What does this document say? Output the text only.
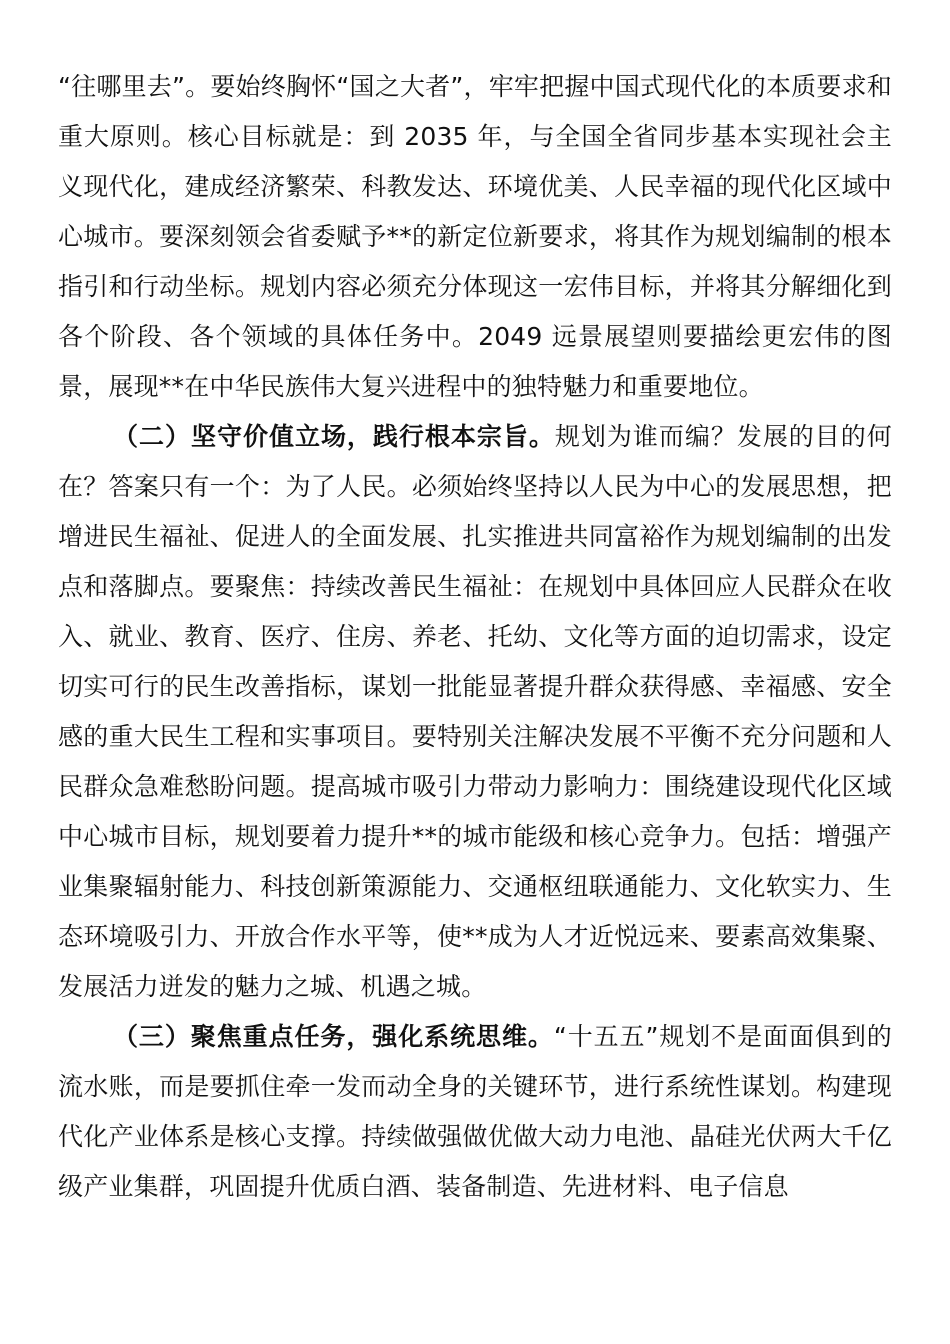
“往哪里去”。要始终胸怀“国之大者”，牢牢把握中国式现代化的本质要求和重大原则。核心目标就是：到 2035 年，与全国全省同步基本实现社会主义现代化，建成经济繁荣、科教发达、环境优美、人民幸福的现代化区域中心城市。要深刻领会省委赋予**的新定位新要求，将其作为规划编制的根本指引和行动坐标。规划内容必须充分体现这一宏伟目标，并将其分解细化到各个阶段、各个领域的具体任务中。2049 远景展望则要描绘更宏伟的图景，展现**在中华民族伟大复兴进程中的独特魅力和重要地位。

（二）坚守价值立场，践行根本宗旨。规划为谁而编？发展的目的何在？答案只有一个：为了人民。必须始终坚持以人民为中心的发展思想，把增进民生福祉、促进人的全面发展、扎实推进共同富裕作为规划编制的出发点和落脚点。要聚焦：持续改善民生福祉：在规划中具体回应人民群众在收入、就业、教育、医疗、住房、养老、托幼、文化等方面的迫切需求，设定切实可行的民生改善指标，谋划一批能显著提升群众获得感、幸福感、安全感的重大民生工程和实事项目。要特别关注解决发展不平衡不充分问题和人民群众急难愁盼问题。提高城市吸引力带动力影响力：围绕建设现代化区域中心城市目标，规划要着力提升**的城市能级和核心竞争力。包括：增强产业集聚辐射能力、科技创新策源能力、交通枢纽联通能力、文化软实力、生态环境吸引力、开放合作水平等，使**成为人才近悦远来、要素高效集聚、发展活力迸发的魅力之城、机遇之城。

（三）聚焦重点任务，强化系统思维。“十五五”规划不是面面俱到的流水账，而是要抓住牵一发而动全身的关键环节，进行系统性谋划。构建现代化产业体系是核心支撑。持续做强做优做大动力电池、晶硅光伏两大千亿级产业集群，巩固提升优质白酒、装备制造、先进材料、电子信息
